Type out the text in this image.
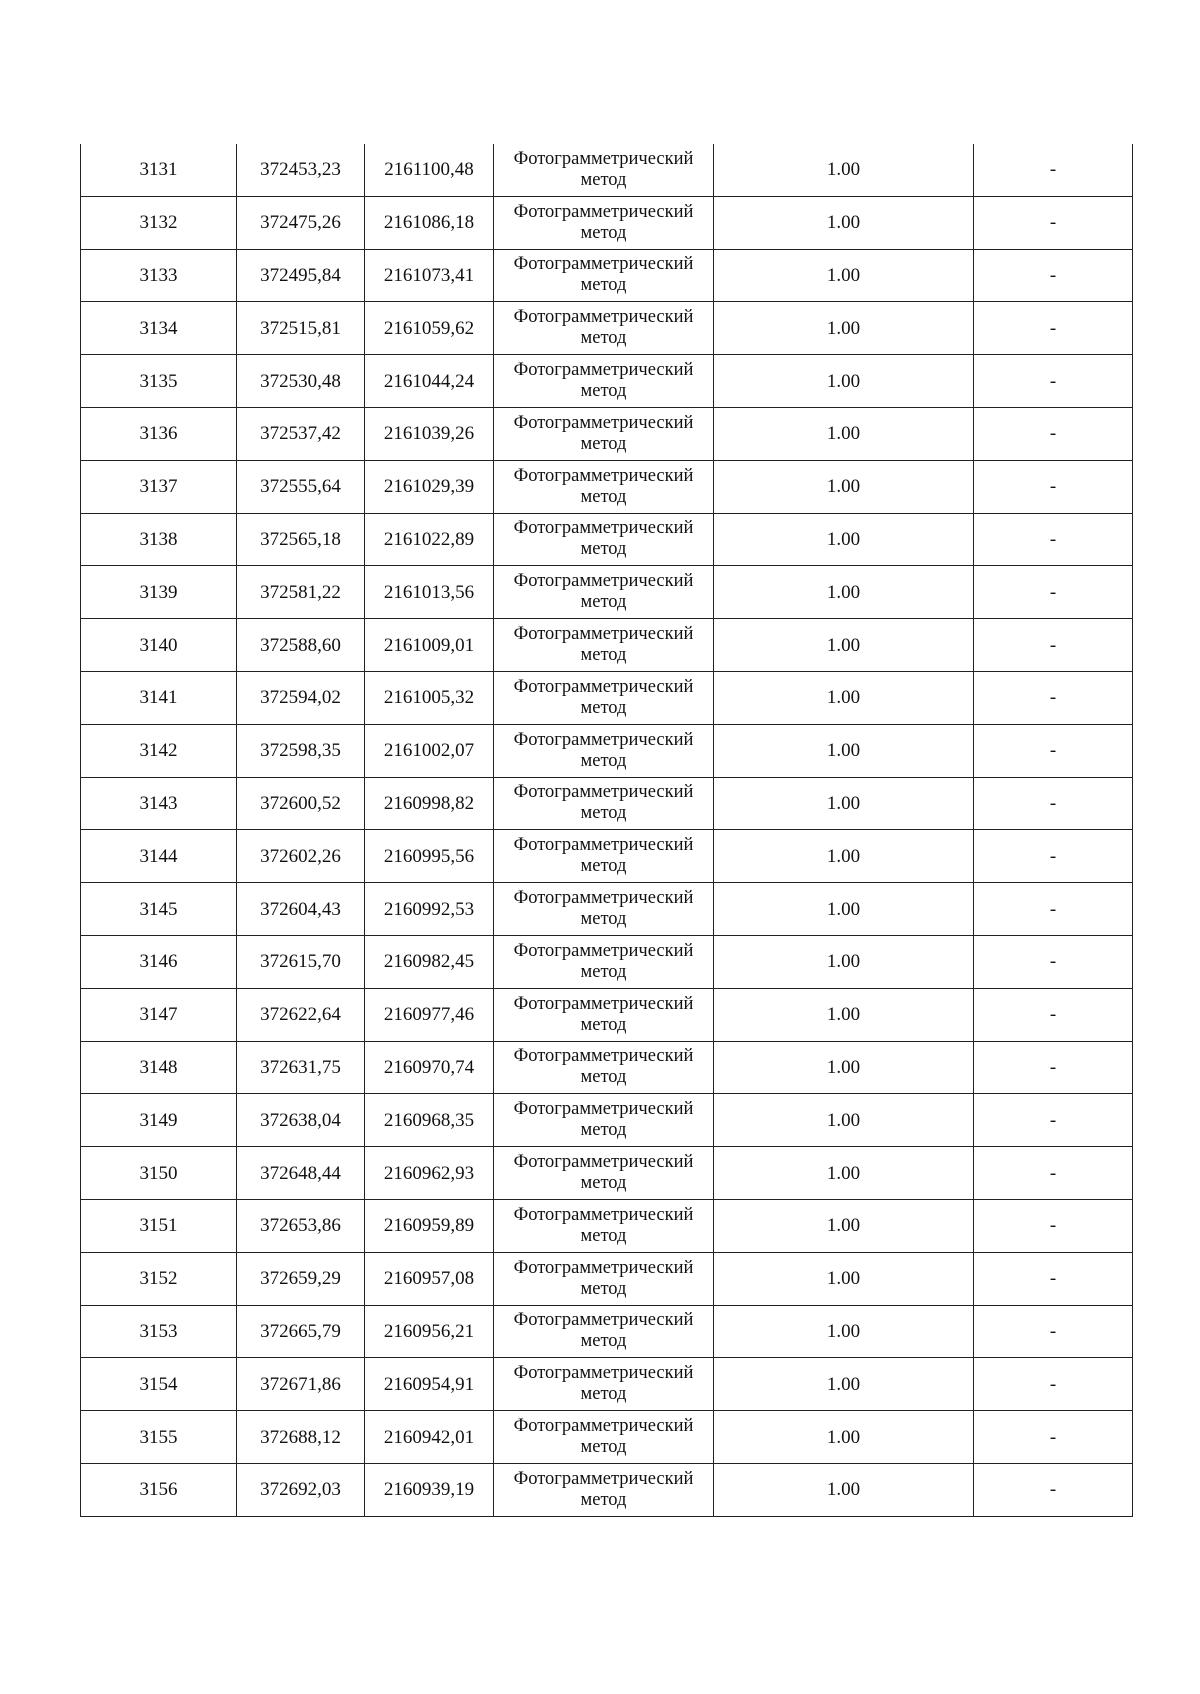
3131	372453,23	2161100,48	Фотограмметрический метод	1.00	-
3132	372475,26	2161086,18	Фотограмметрический метод	1.00	-
3133	372495,84	2161073,41	Фотограмметрический метод	1.00	-
3134	372515,81	2161059,62	Фотограмметрический метод	1.00	-
3135	372530,48	2161044,24	Фотограмметрический метод	1.00	-
3136	372537,42	2161039,26	Фотограмметрический метод	1.00	-
3137	372555,64	2161029,39	Фотограмметрический метод	1.00	-
3138	372565,18	2161022,89	Фотограмметрический метод	1.00	-
3139	372581,22	2161013,56	Фотограмметрический метод	1.00	-
3140	372588,60	2161009,01	Фотограмметрический метод	1.00	-
3141	372594,02	2161005,32	Фотограмметрический метод	1.00	-
3142	372598,35	2161002,07	Фотограмметрический метод	1.00	-
3143	372600,52	2160998,82	Фотограмметрический метод	1.00	-
3144	372602,26	2160995,56	Фотограмметрический метод	1.00	-
3145	372604,43	2160992,53	Фотограмметрический метод	1.00	-
3146	372615,70	2160982,45	Фотограмметрический метод	1.00	-
3147	372622,64	2160977,46	Фотограмметрический метод	1.00	-
3148	372631,75	2160970,74	Фотограмметрический метод	1.00	-
3149	372638,04	2160968,35	Фотограмметрический метод	1.00	-
3150	372648,44	2160962,93	Фотограмметрический метод	1.00	-
3151	372653,86	2160959,89	Фотограмметрический метод	1.00	-
3152	372659,29	2160957,08	Фотограмметрический метод	1.00	-
3153	372665,79	2160956,21	Фотограмметрический метод	1.00	-
3154	372671,86	2160954,91	Фотограмметрический метод	1.00	-
3155	372688,12	2160942,01	Фотограмметрический метод	1.00	-
3156	372692,03	2160939,19	Фотограмметрический метод	1.00	-
